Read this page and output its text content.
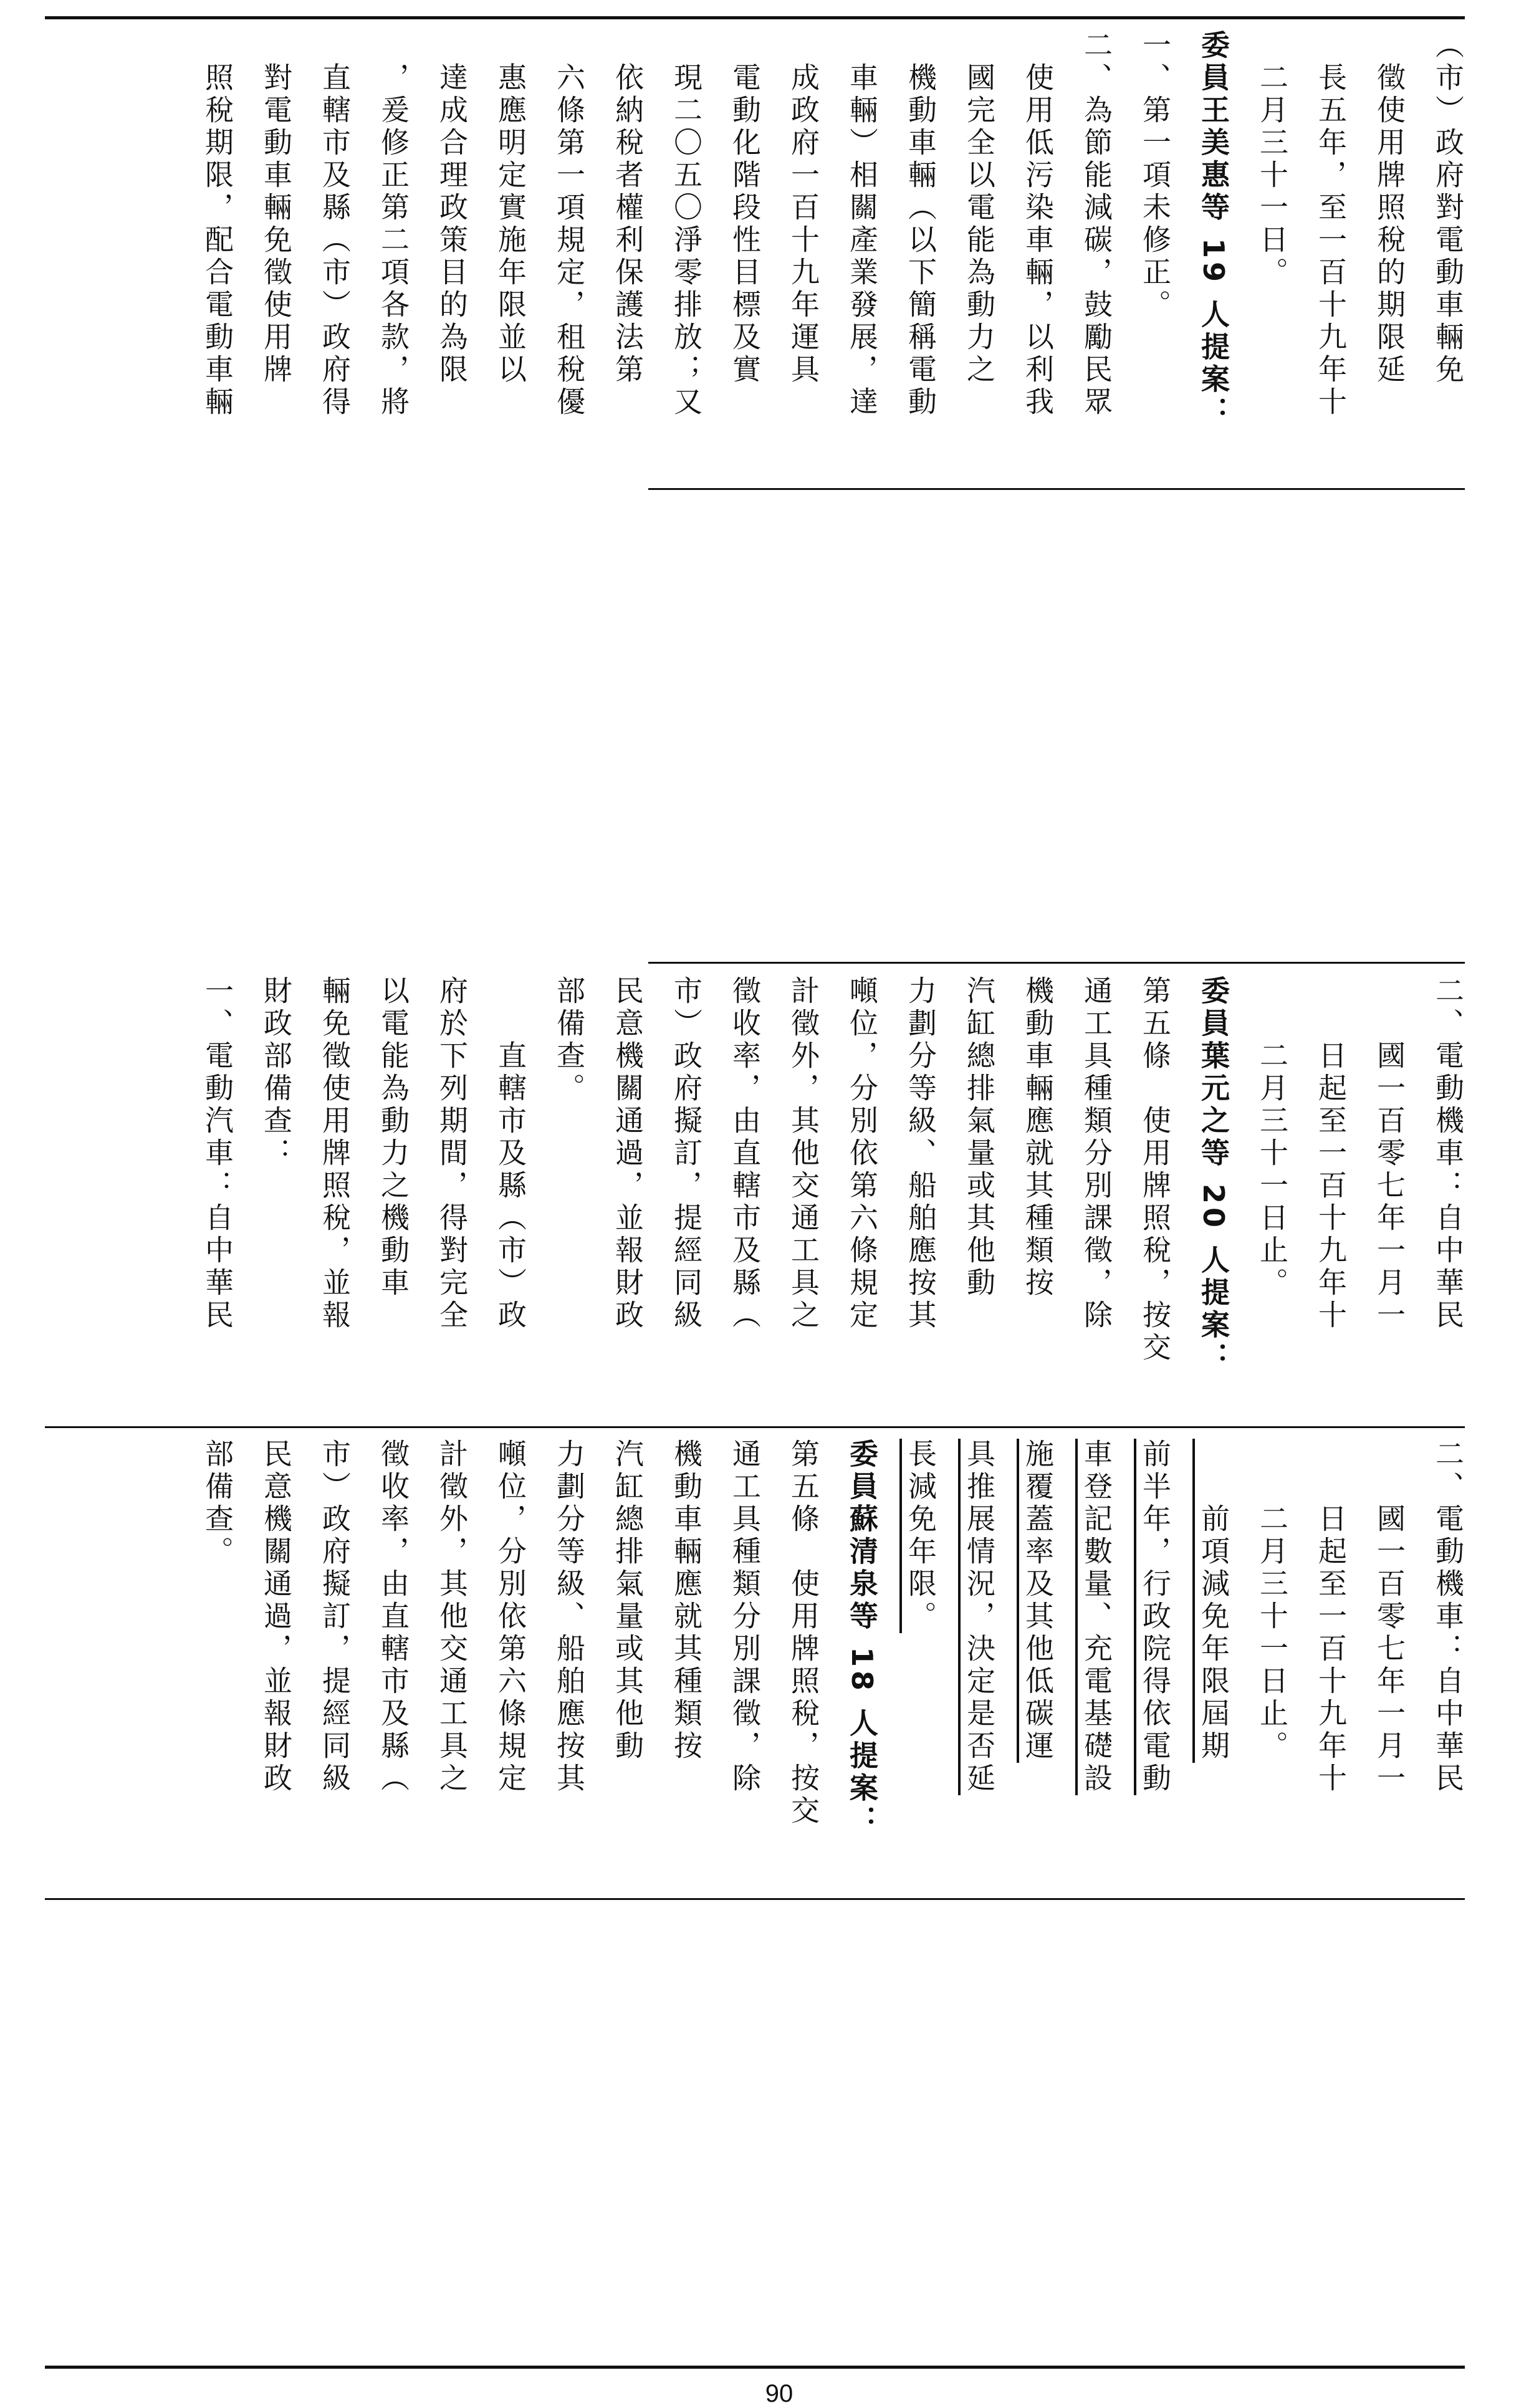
（市）政府對電動車輛免
　徵使用牌照稅的期限延
　長五年，至一百十九年十
　二月三十一日。
委員王美惠等 19 人提案：
一、第一項未修正。
二、為節能減碳，鼓勵民眾
　使用低污染車輛，以利我
　國完全以電能為動力之
　機動車輛（以下簡稱電動
　車輛）相關產業發展，達
　成政府一百十九年運具
　電動化階段性目標及實
　現二〇五〇淨零排放；又
　依納稅者權利保護法第
　六條第一項規定，租稅優
　惠應明定實施年限並以
　達成合理政策目的為限
　，爰修正第二項各款，將
　直轄市及縣（市）政府得
　對電動車輛免徵使用牌
　照稅期限，配合電動車輛
二、電動機車：自中華民
　　國一百零七年一月一
　　日起至一百十九年十
　　二月三十一日止。
委員葉元之等 20 人提案：
第五條　使用牌照稅，按交
通工具種類分別課徵，除
機動車輛應就其種類按
汽缸總排氣量或其他動
力劃分等級、船舶應按其
噸位，分別依第六條規定
計徵外，其他交通工具之
徵收率，由直轄市及縣（
市）政府擬訂，提經同級
民意機關通過，並報財政
部備查。
　　直轄市及縣（市）政
府於下列期間，得對完全
以電能為動力之機動車
輛免徵使用牌照稅，並報
財政部備查：
一、電動汽車：自中華民
二、電動機車：自中華民
　　國一百零七年一月一
　　日起至一百十九年十
　　二月三十一日止。
　　前項減免年限屆期
前半年，行政院得依電動
車登記數量、充電基礎設
施覆蓋率及其他低碳運
具推展情況，決定是否延
長減免年限。
委員蘇清泉等 18 人提案：
第五條　使用牌照稅，按交
通工具種類分別課徵，除
機動車輛應就其種類按
汽缸總排氣量或其他動
力劃分等級、船舶應按其
噸位，分別依第六條規定
計徵外，其他交通工具之
徵收率，由直轄市及縣（
市）政府擬訂，提經同級
民意機關通過，並報財政
部備查。
90
